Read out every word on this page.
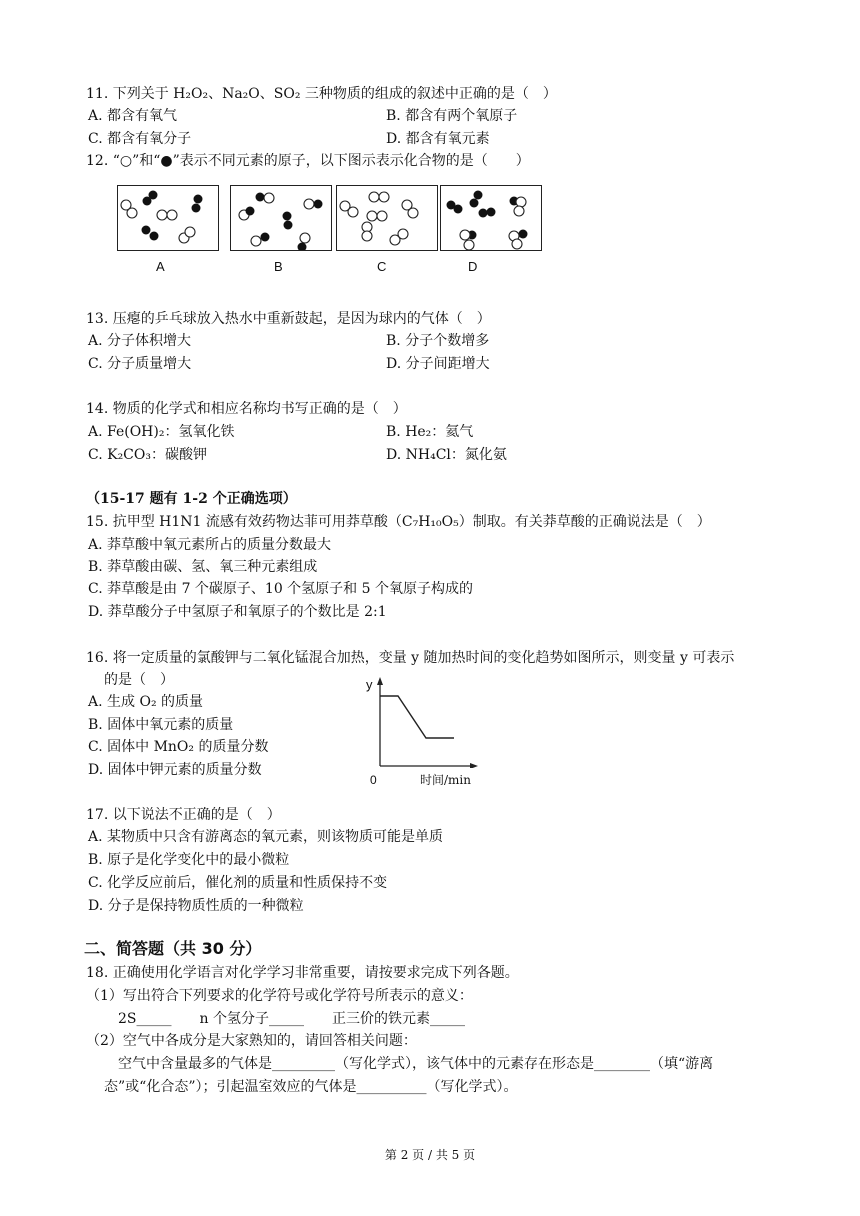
11. 下列关于 H₂O₂、Na₂O、SO₂ 三种物质的组成的叙述中正确的是（　）
A. 都含有氧气	B. 都含有两个氧原子
C. 都含有氧分子	D. 都含有氧元素
12. “○”和“●”表示不同元素的原子，以下图示表示化合物的是（　　）
A	B	C	D
13. 压瘪的乒乓球放入热水中重新鼓起，是因为球内的气体（　）
A. 分子体积增大	B. 分子个数增多
C. 分子质量增大	D. 分子间距增大
14. 物质的化学式和相应名称均书写正确的是（　）
A. Fe(OH)₂：氢氧化铁	B. He₂：氦气
C. K₂CO₃：碳酸钾	D. NH₄Cl：氮化氨
（15-17 题有 1-2 个正确选项）
15. 抗甲型 H1N1 流感有效药物达菲可用莽草酸（C₇H₁₀O₅）制取。有关莽草酸的正确说法是（　）
A. 莽草酸中氧元素所占的质量分数最大
B. 莽草酸由碳、氢、氧三种元素组成
C. 莽草酸是由 7 个碳原子、10 个氢原子和 5 个氧原子构成的
D. 莽草酸分子中氢原子和氧原子的个数比是 2:1
16. 将一定质量的氯酸钾与二氧化锰混合加热，变量 y 随加热时间的变化趋势如图所示，则变量 y 可表示
的是（　）
A. 生成 O₂ 的质量
B. 固体中氧元素的质量
C. 固体中 MnO₂ 的质量分数
D. 固体中钾元素的质量分数
y
0	时间/min
17. 以下说法不正确的是（　）
A. 某物质中只含有游离态的氧元素，则该物质可能是单质
B. 原子是化学变化中的最小微粒
C. 化学反应前后，催化剂的质量和性质保持不变
D. 分子是保持物质性质的一种微粒
二、简答题（共 30 分）
18. 正确使用化学语言对化学学习非常重要，请按要求完成下列各题。
（1）写出符合下列要求的化学符号或化学符号所表示的意义：
2S_____　　n 个氢分子_____　　正三价的铁元素_____
（2）空气中各成分是大家熟知的，请回答相关问题：
空气中含量最多的气体是_________（写化学式），该气体中的元素存在形态是________（填“游离
态”或“化合态”）；引起温室效应的气体是__________（写化学式）。
第 2 页 / 共 5 页
